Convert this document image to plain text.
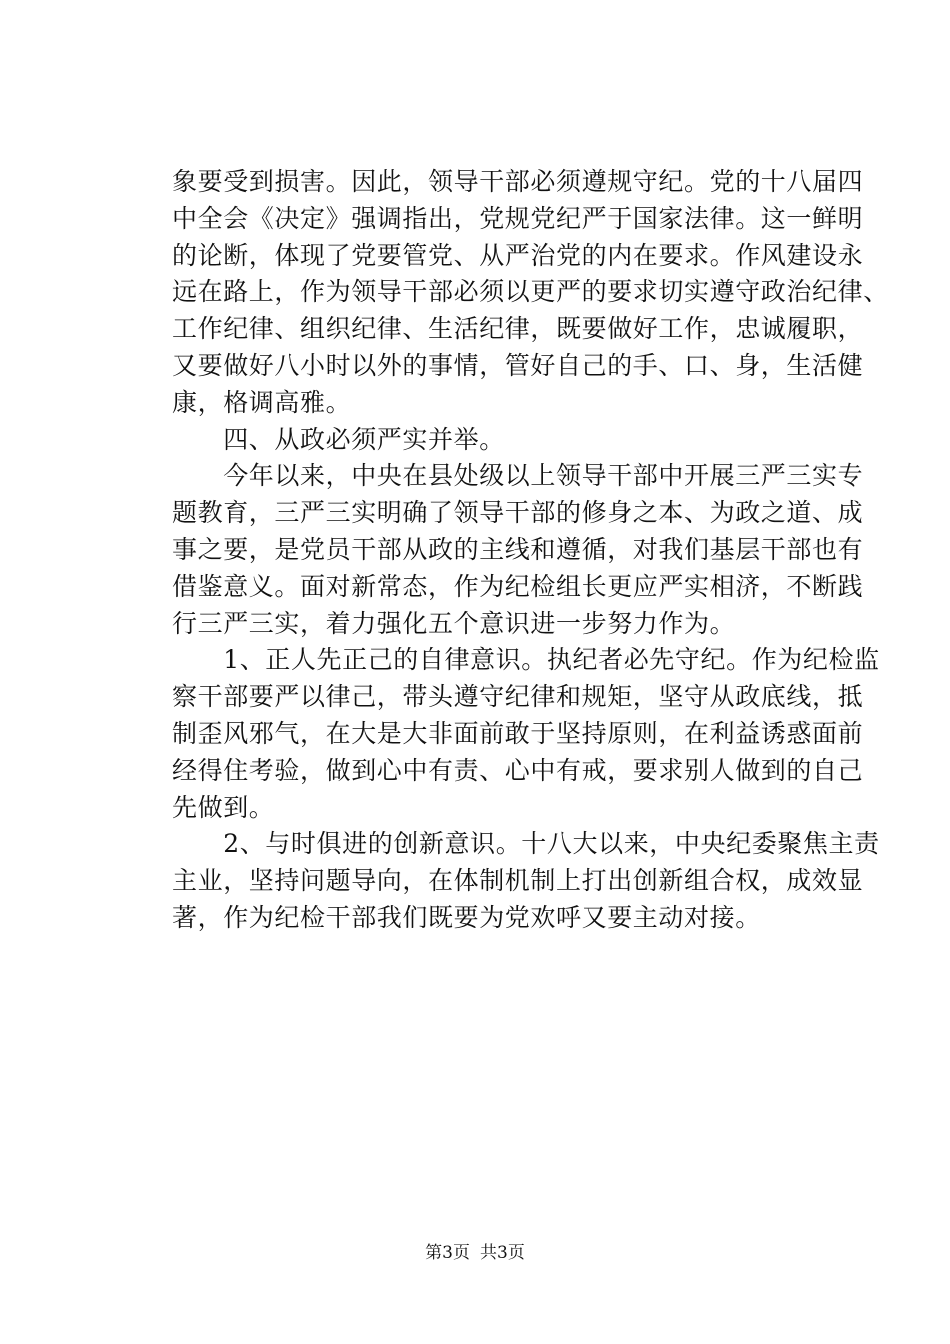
象要受到损害。因此，领导干部必须遵规守纪。党的十八届四
中全会《决定》强调指出，党规党纪严于国家法律。这一鲜明
的论断，体现了党要管党、从严治党的内在要求。作风建设永
远在路上，作为领导干部必须以更严的要求切实遵守政治纪律、
工作纪律、组织纪律、生活纪律，既要做好工作，忠诚履职，
又要做好八小时以外的事情，管好自己的手、口、身，生活健
康，格调高雅。
　　四、从政必须严实并举。
　　今年以来，中央在县处级以上领导干部中开展三严三实专
题教育，三严三实明确了领导干部的修身之本、为政之道、成
事之要，是党员干部从政的主线和遵循，对我们基层干部也有
借鉴意义。面对新常态，作为纪检组长更应严实相济，不断践
行三严三实，着力强化五个意识进一步努力作为。
　　1、正人先正己的自律意识。执纪者必先守纪。作为纪检监
察干部要严以律己，带头遵守纪律和规矩，坚守从政底线，抵
制歪风邪气，在大是大非面前敢于坚持原则，在利益诱惑面前
经得住考验，做到心中有责、心中有戒，要求别人做到的自己
先做到。
　　2、与时俱进的创新意识。十八大以来，中央纪委聚焦主责
主业，坚持问题导向，在体制机制上打出创新组合权，成效显
著，作为纪检干部我们既要为党欢呼又要主动对接。
第3页 共3页
